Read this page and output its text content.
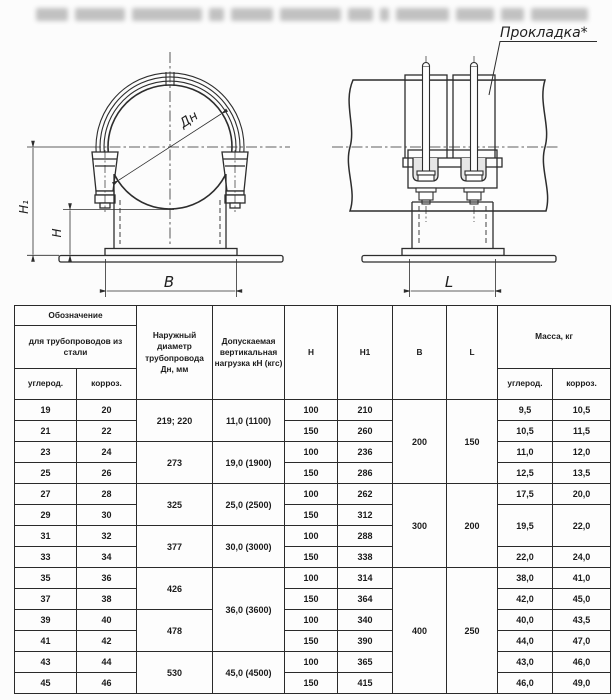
Дн
Н₁
Н
В
Прокладка*
L
Обозначение		Наружный диаметр трубопровода Дн, мм	Допускаемая вертикальная нагрузка кН (кгс)	Н	Н1	В	L	Масса, кг	
для трубопроводов из стали									
углерод.	корроз.							углерод.	корроз.
19	20	219; 220	11,0 (1100)	100	210	200	150	9,5	10,5
21	22			150	260			10,5	11,5
23	24	273	19,0 (1900)	100	236			11,0	12,0
25	26			150	286			12,5	13,5
27	28	325	25,0 (2500)	100	262	300	200	17,5	20,0
29	30			150	312			19,5	22,0
31	32	377	30,0 (3000)	100	288				
33	34			150	338			22,0	24,0
35	36	426	36,0 (3600)	100	314	400	250	38,0	41,0
37	38			150	364			42,0	45,0
39	40	478		100	340			40,0	43,5
41	42			150	390			44,0	47,0
43	44	530	45,0 (4500)	100	365			43,0	46,0
45	46			150	415			46,0	49,0
